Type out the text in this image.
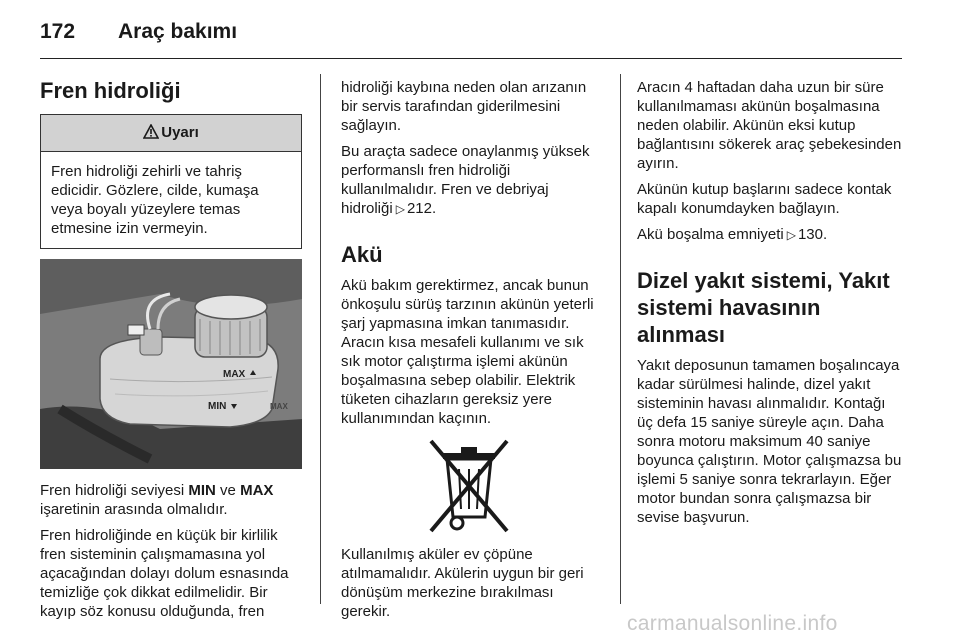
172 Araç bakımı
Fren hidroliği
Uyarı
Fren hidroliği zehirli ve tahriş edicidir. Gözlere, cilde, kumaşa veya boyalı yüzeylere temas etmesine izin vermeyin.
MAX
MIN	MAX

Fren hidroliği seviyesi MIN ve MAX işaretinin arasında olmalıdır.

Fren hidroliğinde en küçük bir kirlilik fren sisteminin çalışmamasına yol açacağından dolayı dolum esnasında temizliğe çok dikkat edilmelidir. Bir kayıp söz konusu olduğunda, fren

hidroliği kaybına neden olan arızanın bir servis tarafından giderilmesini sağlayın.

Bu araçta sadece onaylanmış yüksek performanslı fren hidroliği kullanılmalıdır. Fren ve debriyaj hidroliği ▷ 212.

Akü

Akü bakım gerektirmez, ancak bunun önkoşulu sürüş tarzının akünün yeterli şarj yapmasına imkan tanımasıdır. Aracın kısa mesafeli kullanımı ve sık sık motor çalıştırma işlemi akünün boşalmasına sebep olabilir. Elektrik tüketen cihazların gereksiz yere kullanımından kaçının.

Kullanılmış aküler ev çöpüne atılmamalıdır. Akülerin uygun bir geri dönüşüm merkezine bırakılması gerekir.

Aracın 4 haftadan daha uzun bir süre kullanılmaması akünün boşalmasına neden olabilir. Akünün eksi kutup bağlantısını sökerek araç şebekesinden ayırın.

Akünün kutup başlarını sadece kontak kapalı konumdayken bağlayın.

Akü boşalma emniyeti ▷ 130.

Dizel yakıt sistemi, Yakıt sistemi havasının alınması

Yakıt deposunun tamamen boşalıncaya kadar sürülmesi halinde, dizel yakıt sisteminin havası alınmalıdır. Kontağı üç defa 15 saniye süreyle açın. Daha sonra motoru maksimum 40 saniye boyunca çalıştırın. Motor çalışmazsa bu işlemi 5 saniye sonra tekrarlayın. Eğer motor bundan sonra çalışmazsa bir sevise başvurun.

carmanualsonline.info
